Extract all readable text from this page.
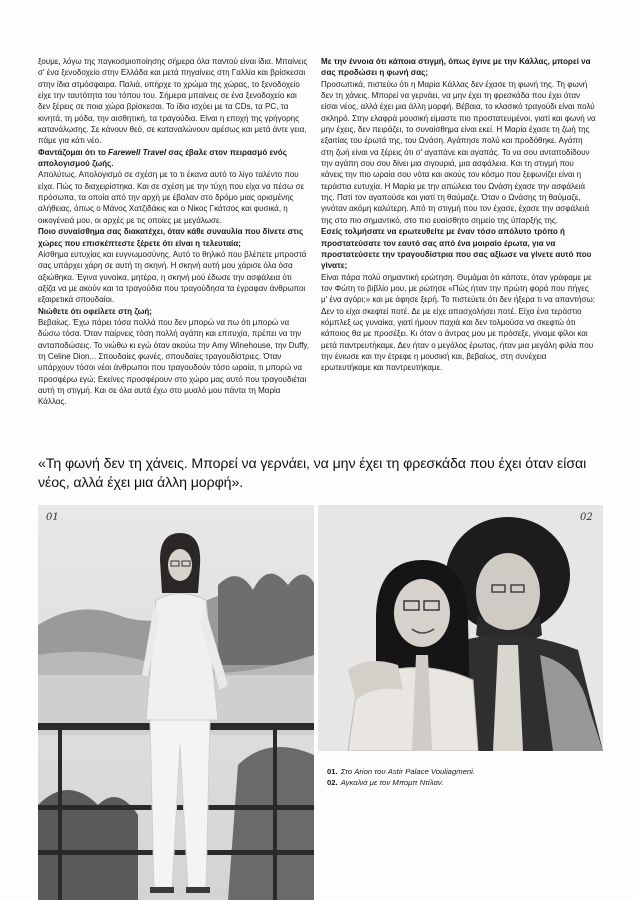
ξουμε, λόγω της παγκοσμιοποίησης σήμερα όλα παντού είναι ίδια. Μπαίνεις σ' ένα ξενοδοχείο στην Ελλάδα και μετά πηγαίνεις στη Γαλλία και βρίσκεσαι στην ίδια ατμόσφαιρα. Παλιά, υπήρχε το χρώμα της χώρας, το ξενοδοχείο είχε την ταυτότητα του τόπου του. Σήμερα μπαίνεις σε ένα ξενοδοχείο και δεν ξέρεις σε ποια χώρα βρίσκεσαι. Το ίδιο ισχύει με τα CDs, τα PC, τα κινητά, τη μόδα, την αισθητική, τα τραγούδια. Είναι η εποχή της γρήγορης κατανάλωσης. Σε κάνουν θεό, σε καταναλώνουν αμέσως και μετά άντε γεια, πάμε για κάτι νέο.

Φαντάζομαι ότι το Farewell Travel σας έβαλε στον πειρασμό ενός απολογισμού ζωής.

Απολύτως. Απολογισμό σε σχέση με το τι έκανα αυτό το λίγο ταλέντο που είχα. Πώς το διαχειρίστηκα. Και σε σχέση με την τύχη που είχα να πέσω σε πρόσωπα, τα οποία από την αρχή με έβαλαν στο δρόμο μιας ορισμένης αλήθειας, όπως ο Μάνος Χατζιδάκις και ο Νίκος Γκάτσος και φυσικά, η οικογένειά μου, οι αρχές με τις οποίες με μεγάλωσε.

Ποιο συναίσθημα σας διακατέχει, όταν κάθε συναυλία που δίνετε στις χώρες που επισκέπτεστε ξέρετε ότι είναι η τελευταία;

Αίσθημα ευτυχίας και ευγνωμοσύνης. Αυτό το θηλικό που βλέπετε μπροστά σας υπάρχει χάρη σε αυτή τη σκηνή. Η σκηνή αυτή μου χάρισε όλα όσα αξιώθηκα. Έγινα γυναίκα, μητέρα, η σκηνή μού έδωσε την ασφάλεια ότι αξίζα να με ακούν και τα τραγούδια που τραγούδησα τα έγραφαν άνθρωποι εξαιρετικά σπουδαίοι.

Νιώθετε ότι οφείλετε στη ζωή;

Βεβαίως. Έχω πάρει τόσα πολλά που δεν μπορώ να πω ότι μπορώ να δώσω τόσα. Όταν παίρνεις τόση πολλή αγάπη και επιτυχία, πρέπει να την ανταποδώσεις. Το νιώθω κι εγώ όταν ακούω την Amy Winehouse, την Duffy, τη Celine Dion... Σπουδαίες φωνές, σπουδαίες τραγουδίστριες. Όταν υπάρχουν τόσοι νέοι άνθρωποι που τραγουδούν τόσο ωραία, τι μπορώ να προσφέρω εγώ; Εκείνες προσφέρουν στο χώρο μας αυτό που τραγουδιέται αυτή τη στιγμή. Και σε όλα αυτά έχω στο μυαλό μου πάντα τη Μαρία Κάλλας.

Με την έννοια ότι κάποια στιγμή, όπως έγινε με την Κάλλας, μπορεί να σας προδώσει η φωνή σας;

Προσωπικά, πιστεύω ότι η Μαρία Κάλλας δεν έχασε τη φωνή της. Τη φωνή δεν τη χάνεις. Μπορεί να γερνάει, να μην έχει τη φρεσκάδα που έχει όταν είσαι νέος, αλλά έχει μια άλλη μορφή. Βέβαια, το κλασικό τραγούδι είναι πολύ σκληρό. Στην ελαφρά μουσική είμαστε πιο προστατευμένοι, γιατί και φωνή να μην έχεις, δεν πειράζει, το συναίσθημα είναι εκεί. Η Μαρία έχασε τη ζωή της εξαιτίας του έρωτά της, του Ωνάση. Αγάπησε πολύ και προδόθηκε. Αγάπη στη ζωή είναι να ξέρεις ότι σ' αγαπάνε και αγαπάς. Το να σου ανταποδίδουν την αγάπη σου σου δίνει μια σιγουριά, μια ασφάλεια. Και τη στιγμή που κάνεις την πιο ωραία σου νότα και ακούς τον κόσμο που ξεφωνίζει είναι η τεράστια ευτυχία. Η Μαρία με την απώλεια του Ωνάση έχασε την ασφάλειά της. Πατί τον αγαπούσε και γιατί τη θαύμαζε. Όταν ο Ωνάσης τη θαύμαζε, γινόταν ακόμη καλύτερη. Από τη στιγμή που τον έχασε, έχασε την ασφάλειά της στο πιο σημαντικό, στο πιο ευαίσθητο σημείο της ύπαρξής της.

Εσείς τολμήσατε να ερωτευθείτε με έναν τόσο απόλυτο τρόπο ή προστατεύσατε τον εαυτό σας από ένα μοιραίο έρωτα, για να προστατεύσετε την τραγουδίστρια που σας αξίωσε να γίνετε αυτό που γίνατε;

Είναι πάρα πολύ σημαντική ερώτηση. Θυμάμαι ότι κάποτε, όταν γράφαμε με τον Φώτη το βιβλίο μου, με ρώτησε «Πώς ήταν την πρώτη φορά που πήγες μ' ένα αγόρι;» και με άφησε ξερή. Το πιστεύετε ότι δεν ήξερα τι να απαντήσω; Δεν το είχα σκεφτεί ποτέ. Δε με είχε απασχολήσει ποτέ. Είχα ένα τεράστιο κόμπλεξ ως γυναίκα, γιατί ήμουν παχιά και δεν τολμούσα να σκεφτώ ότι κάποιος θα με προσέξει. Κι όταν ο άντρας μου με πρόσεξε, γίναμε φίλοι και μετά παντρευτήκαμε. Δεν ήταν ο μεγάλος έρωτας, ήταν μια μεγάλη φιλία που την ένιωσε και την έτρεφε η μουσική και, βεβαίως, στη συνέχεια ερωτευτήκαμε και παντρευτήκαμε.

«Τη φωνή δεν τη χάνεις. Μπορεί να γερνάει, να μην έχει τη φρεσκάδα που έχει όταν είσαι νέος, αλλά έχει μια άλλη μορφή».
01	02
01. Στο Arion του Astir Palace Vouliagmeni.
02. Αγκαλιά με τον Μπομπ Ντίλαν.
